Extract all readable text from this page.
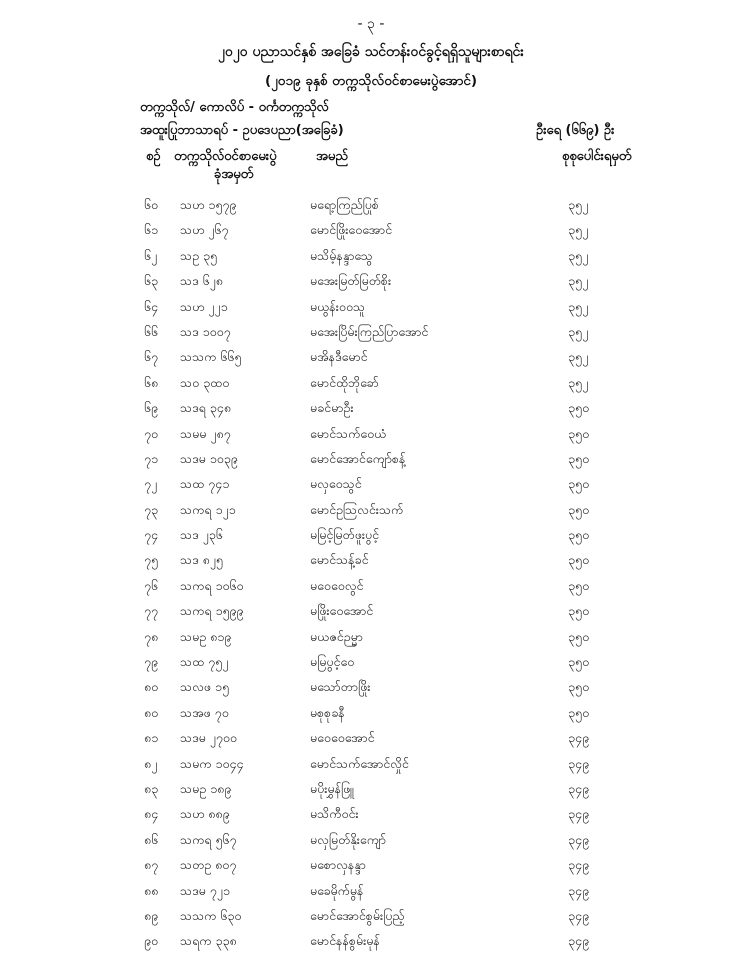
- ၃ -
၂၀၂၀ ပညာသင်နှစ် အခြေခံ သင်တန်းဝင်ခွင့်ရရှိသူများစာရင်း
(၂၀၁၉ ခုနှစ် တက္ကသိုလ်ဝင်စာမေးပွဲအောင်)
တက္ကသိုလ်/ ကောလိပ် - ဝင်္ကတက္ကသိုလ်
အထူးပြုဘာသာရပ် - ဥပဒေပညာ(အခြေခံ)	ဦးရေ (၆၆၉) ဦး
စဉ် တက္ကသိုလ်ဝင်စာမေးပွဲ
ခုံအမှတ်
အမည်	စုစုပေါင်းရမှတ်
၆၀	သဟ ၁၅၇၉	မရော့ကြည်ပြုစ်	၃၅၂
၆၁	သဟ ၂၆၇	မောင်ဖြိုးဝေအောင်	၃၅၂
၆၂	သဥ ၃၅	မသိမ့်နန္ဒာသွေ	၃၅၂
၆၃	သဒ ၆၂၈	မအေးမြတ်မြတ်စိုး	၃၅၂
၆၄	သဟ ၂၂၁	မယွန်းဝဝသူ	၃၅၂
၆၆	သဒ ၁၀၀၇	မအေးပြိမ်းကြည်ပြာအောင်	၃၅၂
၆၇	သသက ၆၆၅	မအိနဒီမောင်	၃၅၂
၆၈	သဝ ၃ထ၀	မောင်ထိုဘိုခော်	၃၅၂
၆၉	သဒရ ၃၄၈	မခင်မာဦး	၃၅၀
၇၀	သမမ ၂၈၇	မောင်သက်ဝေယံ	၃၅၀
၇၁	သဒမ ၁၀၃၉	မောင်အောင်ကျော်စန့်	၃၅၀
၇၂	သထ ၇၄၁	မလှဝေသွင်	၃၅၀
၇၃	သကရ ၁၂၁	မောင်ဥဩလင်းသက်	၃၅၀
၇၄	သဒ ၂၃၆	မမြင့်မြတ်ဖူးပွင့်	၃၅၀
၇၅	သဒ ၈၂၅	မောင်သန့်ခင်	၃၅၀
၇၆	သကရ ၁၀၆၀	မဝေဝေလွင်	၃၅၀
၇၇	သကရ ၁၅၉၉	မဖြိုးဝေအောင်	၃၅၀
၇၈	သမဥ ၈၁၉	မယဇင်ဉမ္မာ	၃၅၀
၇၉	သထ ၇၅၂	မမြပွင့်ဝေ	၃၅၀
၈၀	သလဖ ၁၅	မသော်တာဖြိုး	၃၅၀
၈၀	သအဖ ၇၀	မစုစုခနီ	၃၅၀
၈၁	သဒမ ၂၇၀၀	မဝေဝေအောင်	၃၄၉
၈၂	သမက ၁၀၄၄	မောင်သက်အောင်လှိုင်	၃၄၉
၈၃	သမဥ ၁၈၉	မပိုးမွှန်ဖြူ	၃၄၉
၈၄	သဟ ၈၈၉	မသိကီဝင်း	၃၄၉
၈၆	သကရ ၅၆၇	မလှမြတ်နိုးကျော်	၃၄၉
၈၇	သတဥ ၈၀၇	မစောလှနန္ဒာ	၃၄၉
၈၈	သဒမ ၇၂၁	မခေမိုက်မွန်	၃၄၉
၈၉	သသက ၆၃၀	မောင်အောင်စွမ်းပြည့်	၃၄၉
၉၀	သရက ၃၃၈	မောင်နန်စွမ်းမုန်	၃၄၉
